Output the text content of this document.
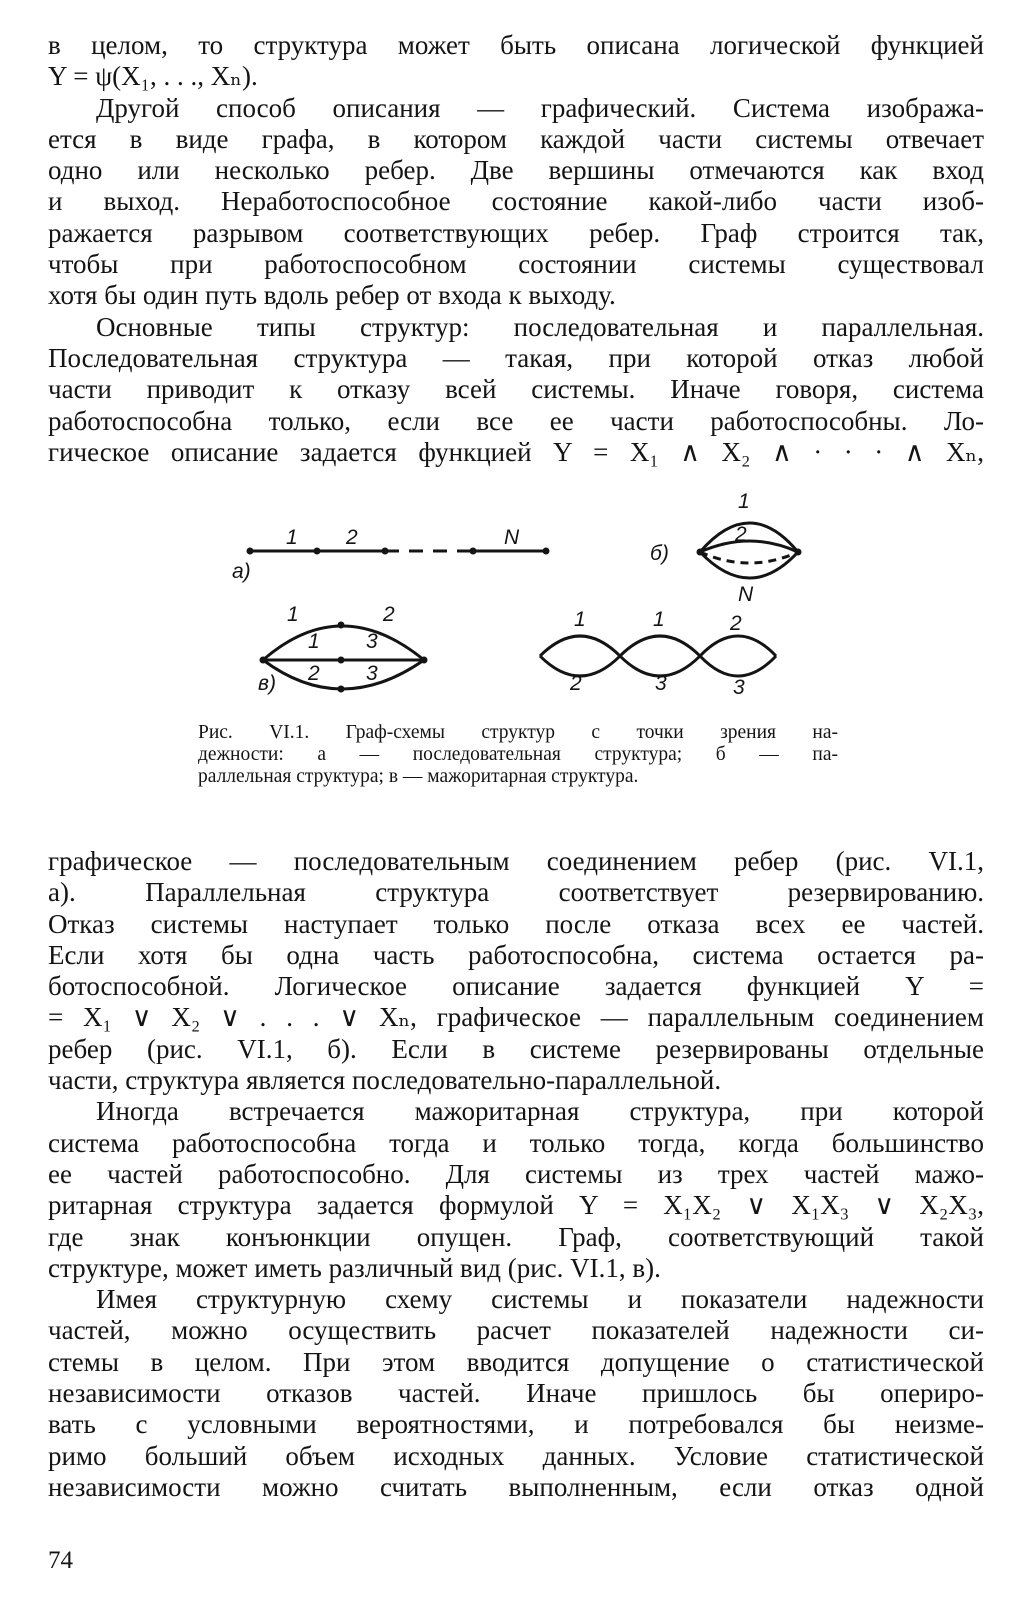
в целом, то структура может быть описана логической функцией
Y = ψ(X₁, . . ., Xₙ).
Другой способ описания — графический. Система изобража-
ется в виде графа, в котором каждой части системы отвечает
одно или несколько ребер. Две вершины отмечаются как вход
и выход. Неработоспособное состояние какой-либо части изоб-
ражается разрывом соответствующих ребер. Граф строится так,
чтобы при работоспособном состоянии системы существовал
хотя бы один путь вдоль ребер от входа к выходу.
Основные типы структур: последовательная и параллельная.
Последовательная структура — такая, при которой отказ любой
части приводит к отказу всей системы. Иначе говоря, система
работоспособна только, если все ее части работоспособны. Ло-
гическое описание задается функцией Y = X₁ ∧ X₂ ∧ · · · ∧ Xₙ,
1 2	N
а)
1
2
N
б)
1	2
1 3
2 3
в)
1	1	2
2	3	3
Рис. VI.1. Граф-схемы структур с точки зрения на-
дежности: а — последовательная структура; б — па-
раллельная структура; в — мажоритарная структура.
графическое — последовательным соединением ребер (рис. VI.1,
а). Параллельная структура соответствует резервированию.
Отказ системы наступает только после отказа всех ее частей.
Если хотя бы одна часть работоспособна, система остается ра-
ботоспособной. Логическое описание задается функцией Y =
= X₁ ∨ X₂ ∨ . . . ∨ Xₙ, графическое — параллельным соединением
ребер (рис. VI.1, б). Если в системе резервированы отдельные
части, структура является последовательно-параллельной.
Иногда встречается мажоритарная структура, при которой
система работоспособна тогда и только тогда, когда большинство
ее частей работоспособно. Для системы из трех частей мажо-
ритарная структура задается формулой Y = X₁X₂ ∨ X₁X₃ ∨ X₂X₃,
где знак конъюнкции опущен. Граф, соответствующий такой
структуре, может иметь различный вид (рис. VI.1, в).
Имея структурную схему системы и показатели надежности
частей, можно осуществить расчет показателей надежности си-
стемы в целом. При этом вводится допущение о статистической
независимости отказов частей. Иначе пришлось бы опериро-
вать с условными вероятностями, и потребовался бы неизме-
римо больший объем исходных данных. Условие статистической
независимости можно считать выполненным, если отказ одной
74
